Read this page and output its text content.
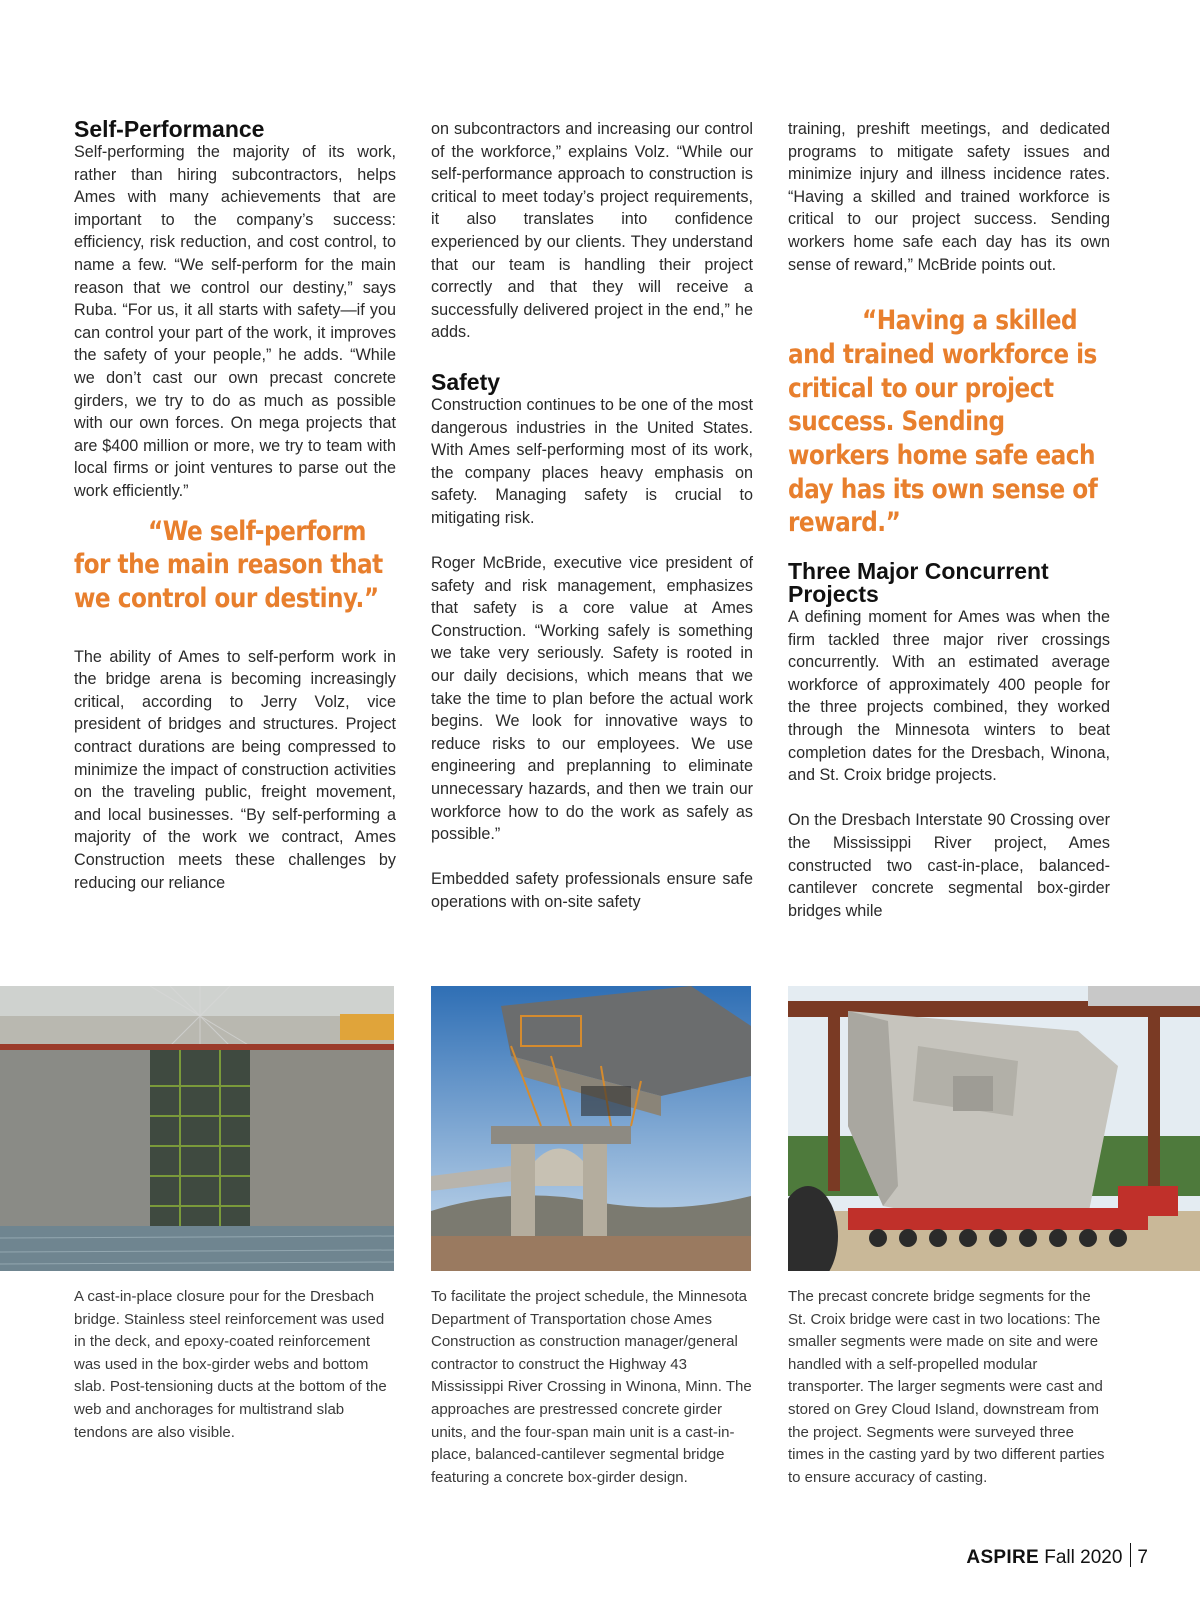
Self-Performance

Self-performing the majority of its work, rather than hiring subcontractors, helps Ames with many achievements that are important to the company’s success: efficiency, risk reduction, and cost control, to name a few. “We self-perform for the main reason that we control our destiny,” says Ruba. “For us, it all starts with safety—if you can control your part of the work, it improves the safety of your people,” he adds. “While we don’t cast our own precast concrete girders, we try to do as much as possible with our own forces. On mega projects that are $400 million or more, we try to team with local firms or joint ventures to parse out the work efficiently.”

“We self-perform for the main reason that we control our destiny.”

The ability of Ames to self-perform work in the bridge arena is becoming increasingly critical, according to Jerry Volz, vice president of bridges and structures. Project contract durations are being compressed to minimize the impact of construction activities on the traveling public, freight movement, and local businesses. “By self-performing a majority of the work we contract, Ames Construction meets these challenges by reducing our reliance

on subcontractors and increasing our control of the workforce,” explains Volz. “While our self-performance approach to construction is critical to meet today’s project requirements, it also translates into confidence experienced by our clients. They understand that our team is handling their project correctly and that they will receive a successfully delivered project in the end,” he adds.

Safety

Construction continues to be one of the most dangerous industries in the United States. With Ames self-performing most of its work, the company places heavy emphasis on safety. Managing safety is crucial to mitigating risk.

Roger McBride, executive vice president of safety and risk management, emphasizes that safety is a core value at Ames Construction. “Working safely is something we take very seriously. Safety is rooted in our daily decisions, which means that we take the time to plan before the actual work begins. We look for innovative ways to reduce risks to our employees. We use engineering and preplanning to eliminate unnecessary hazards, and then we train our workforce how to do the work as safely as possible.”

Embedded safety professionals ensure safe operations with on-site safety

training, preshift meetings, and dedicated programs to mitigate safety issues and minimize injury and illness incidence rates. “Having a skilled and trained workforce is critical to our project success. Sending workers home safe each day has its own sense of reward,” McBride points out.

“Having a skilled and trained workforce is critical to our project success. Sending workers home safe each day has its own sense of reward.”
Three Major Concurrent Projects

A defining moment for Ames was when the firm tackled three major river crossings concurrently. With an estimated average workforce of approximately 400 people for the three projects combined, they worked through the Minnesota winters to beat completion dates for the Dresbach, Winona, and St. Croix bridge projects.

On the Dresbach Interstate 90 Crossing over the Mississippi River project, Ames constructed two cast-in-place, balanced-cantilever concrete segmental box-girder bridges while

A cast-in-place closure pour for the Dresbach bridge. Stainless steel reinforcement was used in the deck, and epoxy-coated reinforcement was used in the box-girder webs and bottom slab. Post-tensioning ducts at the bottom of the web and anchorages for multistrand slab tendons are also visible.
To facilitate the project schedule, the Minnesota Department of Transportation chose Ames Construction as construction manager/general contractor to construct the Highway 43 Mississippi River Crossing in Winona, Minn. The approaches are prestressed concrete girder units, and the four-span main unit is a cast-in-place, balanced-cantilever segmental bridge featuring a concrete box-girder design.
The precast concrete bridge segments for the St. Croix bridge were cast in two locations: The smaller segments were made on site and were handled with a self-propelled modular transporter. The larger segments were cast and stored on Grey Cloud Island, downstream from the project. Segments were surveyed three times in the casting yard by two different parties to ensure accuracy of casting.
ASPIRE Fall 2020 7
